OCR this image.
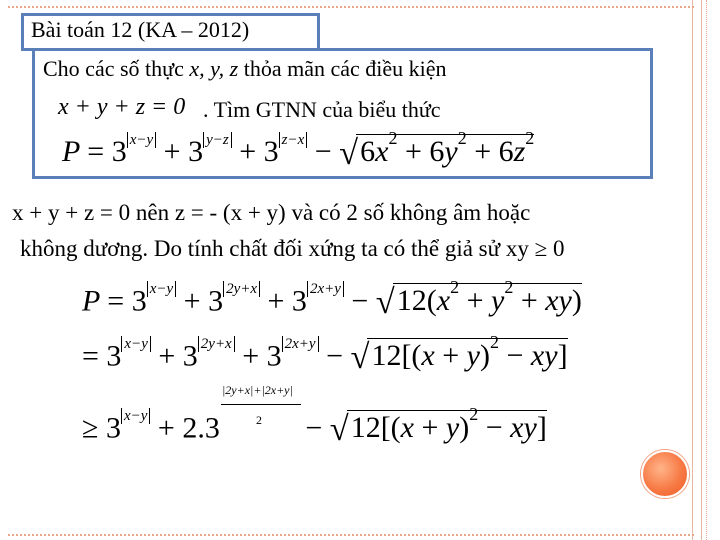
Bài toán 12 (KA – 2012)
Cho các số thực x, y, z thỏa mãn các điều kiện
x + y + z = 0 . Tìm GTNN của biểu thức
P = 3 $^{x-y}$ + 3 $^{y-z}$ + 3 $^{z-x} - √6x^2 + 6y^2 + 6z^2$
x + y + z = 0 nên z = - (x + y) và có 2 số không âm hoặc
không dương. Do tính chất đối xứng ta có thể giả sử xy ≥ 0
P = 3 $^{x-y}$ + 3 $^{2y+x}$ + 3 $^{2x+y} - √12(x^2 + y^2 + xy)$
= 3 $^{x-y}$ + 3 $^{2y+x}$ + 3 $^{2x+y} - √12[(x + y)^2 - xy]$
≥ 3 $^{x-y}$ + 2.3	− $√12[(x + y)^2 - xy]$
|2y+x|+|2x+y|
2
